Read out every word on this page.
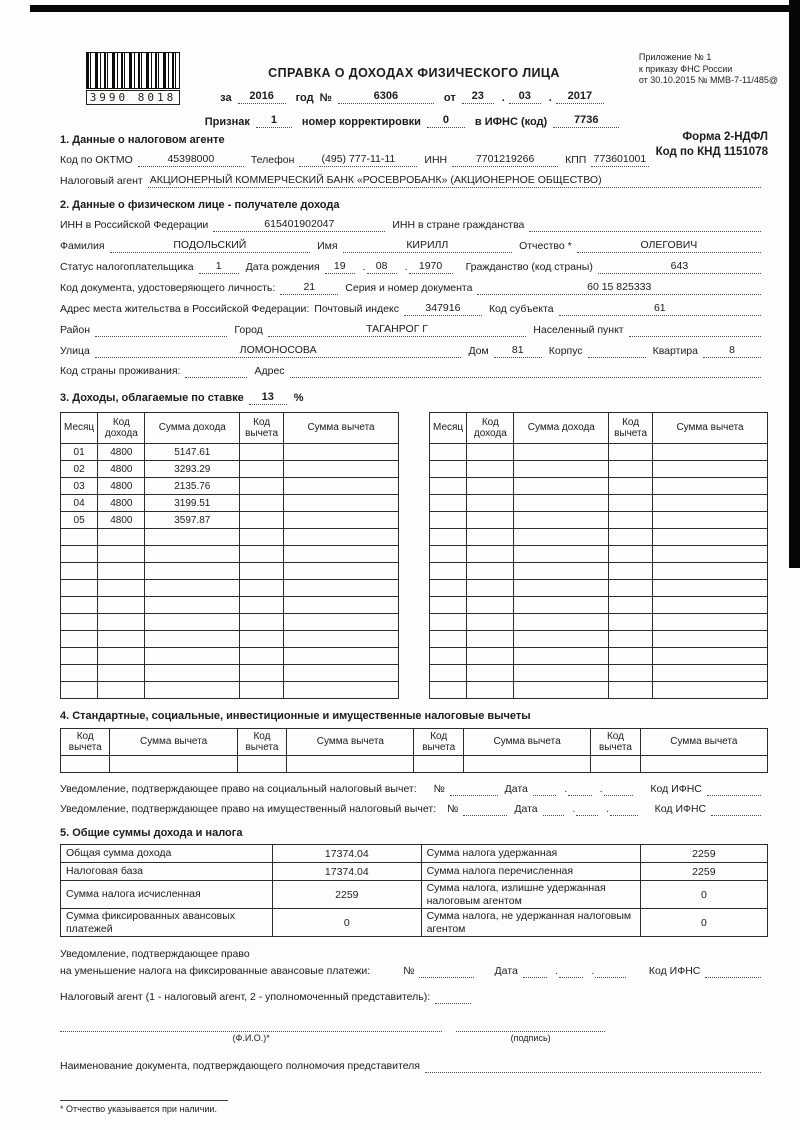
Приложение № 1
к приказу ФНС России
от 30.10.2015 № ММВ-7-11/485@
3990 8018
СПРАВКА О ДОХОДАХ ФИЗИЧЕСКОГО ЛИЦА
за	2016	год №	6306	от	23	.	03	.	2017
Признак	1	номер корректировки	0	в ИФНС (код)	7736
Форма 2-НДФЛ
Код по КНД 1151078
1. Данные о налоговом агенте
Код по ОКТМО	45398000	Телефон	(495) 777-11-11	ИНН	7701219266	КПП 773601001
Налоговый агент АКЦИОНЕРНЫЙ КОММЕРЧЕСКИЙ БАНК «РОСЕВРОБАНК» (АКЦИОНЕРНОЕ ОБЩЕСТВО)
2. Данные о физическом лице - получателе дохода
ИНН в Российской Федерации	615401902047	ИНН в стране гражданства
Фамилия	ПОДОЛЬСКИЙ	Имя	КИРИЛЛ	Отчество *	ОЛЕГОВИЧ
Статус налогоплательщика	1	Дата рождения	19	. 08	.	1970	Гражданство (код страны)	643
Код документа, удостоверяющего личность:	21	Серия и номер документа	60 15 825333
Адрес места жительства в Российской Федерации: Почтовый индекс	347916	Код субъекта	61
Район	Город	ТАГАНРОГ Г	Населенный пункт
Улица	ЛОМОНОСОВА	Дом	81	Корпус	Квартира	8
Код страны проживания:	Адрес
3. Доходы, облагаемые по ставке	13	%
Месяц	Код дохода	Сумма дохода	Код вычета	Сумма вычета
01	4800	5147.61		
02	4800	3293.29		
03	4800	2135.76		
04	4800	3199.51		
05	4800	3597.87		

Месяц	Код дохода	Сумма дохода	Код вычета	Сумма вычета

4. Стандартные, социальные, инвестиционные и имущественные налоговые вычеты
Код вычета	Сумма вычета	Код вычета	Сумма вычета	Код вычета	Сумма вычета	Код вычета	Сумма вычета

Уведомление, подтверждающее право на социальный налоговый вычет: №	Дата	.	.	Код ИФНС
Уведомление, подтверждающее право на имущественный налоговый вычет: №	Дата	.	.	Код ИФНС
5. Общие суммы дохода и налога
Общая сумма дохода	17374.04	Сумма налога удержанная	2259
Налоговая база	17374.04	Сумма налога перечисленная	2259
Сумма налога исчисленная	2259	Сумма налога, излишне удержанная налоговым агентом	0
Сумма фиксированных авансовых платежей	0	Сумма налога, не удержанная налоговым агентом	0
Уведомление, подтверждающее право
на уменьшение налога на фиксированные авансовые платежи:	№	Дата	.	.	Код ИФНС
Налоговый агент (1 - налоговый агент, 2 - уполномоченный представитель):
(Ф.И.О.)*	(подпись)
Наименование документа, подтверждающего полномочия представителя
* Отчество указывается при наличии.
